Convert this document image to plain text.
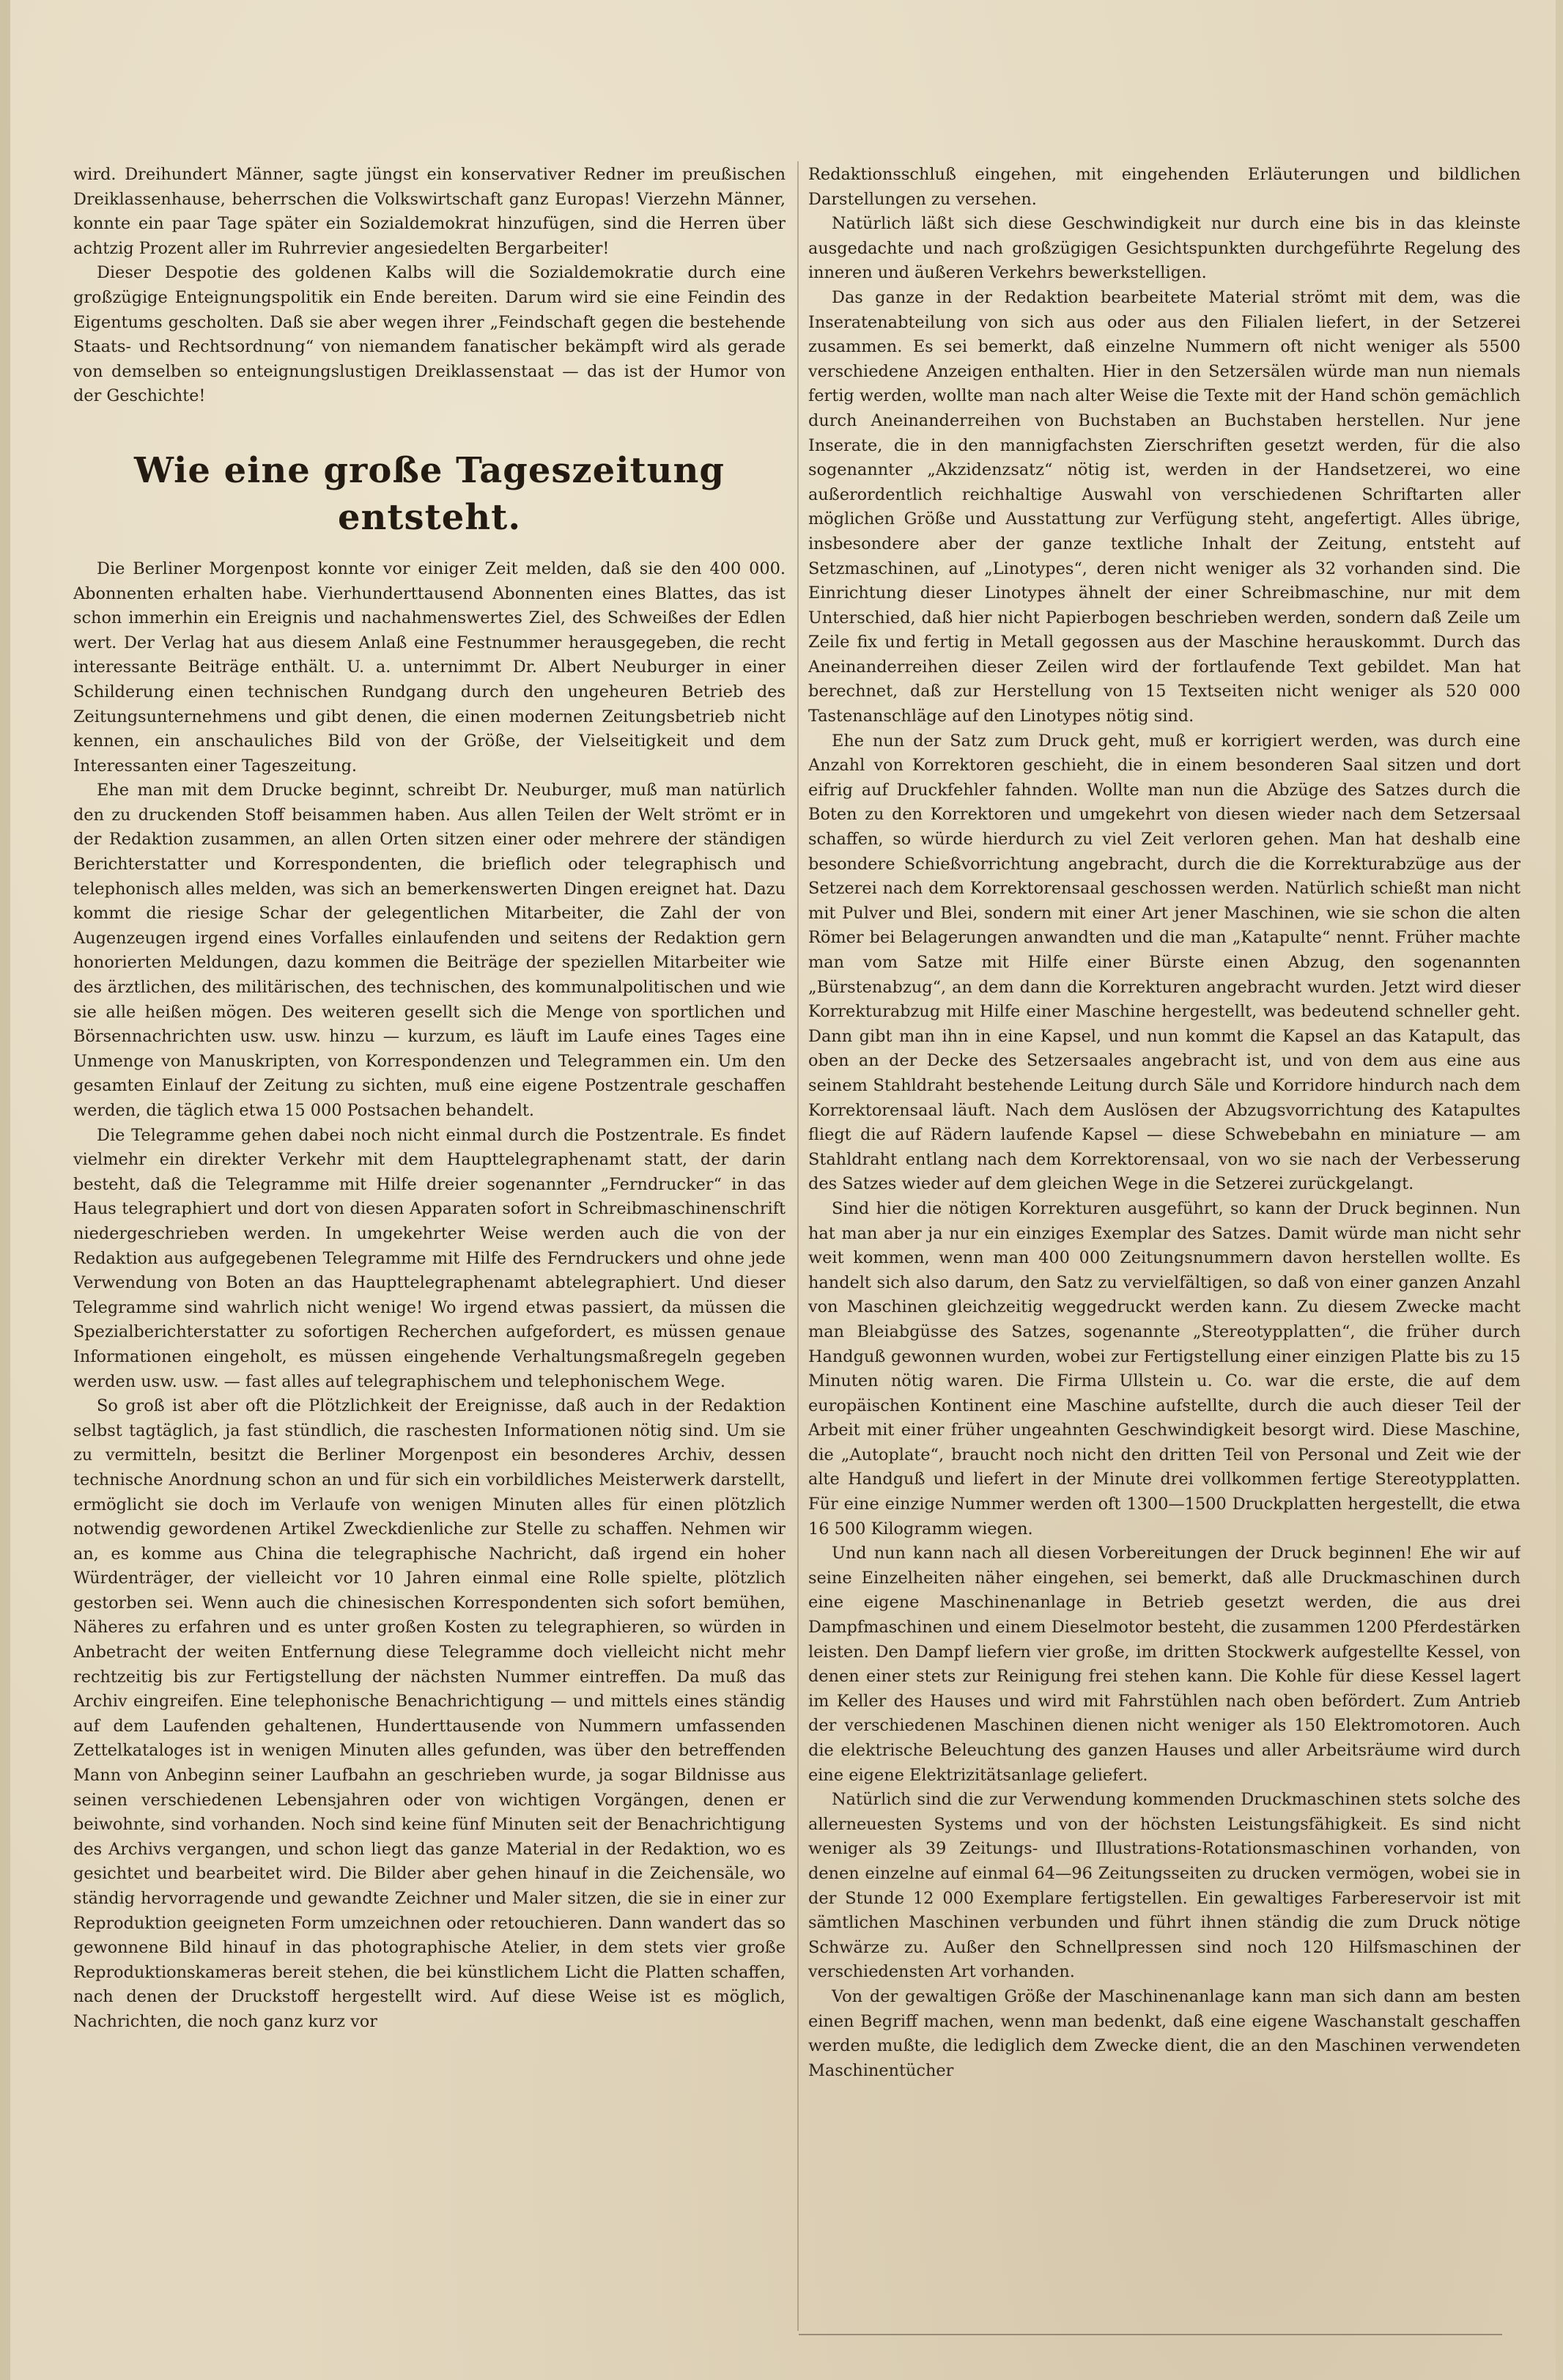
wird. Dreihundert Männer, sagte jüngst ein konservativer Redner im preußischen Dreiklassenhause, beherrschen die Volkswirtschaft ganz Europas! Vierzehn Männer, konnte ein paar Tage später ein Sozialdemokrat hinzufügen, sind die Herren über achtzig Prozent aller im Ruhrrevier angesiedelten Bergarbeiter!

Dieser Despotie des goldenen Kalbs will die Sozialdemokratie durch eine großzügige Enteignungspolitik ein Ende bereiten. Darum wird sie eine Feindin des Eigentums gescholten. Daß sie aber wegen ihrer „Feindschaft gegen die bestehende Staats- und Rechtsordnung“ von niemandem fanatischer bekämpft wird als gerade von demselben so enteignungslustigen Dreiklassenstaat — das ist der Humor von der Geschichte!

Wie eine große Tageszeitung entsteht.

Die Berliner Morgenpost konnte vor einiger Zeit melden, daß sie den 400 000. Abonnenten erhalten habe. Vierhunderttausend Abonnenten eines Blattes, das ist schon immerhin ein Ereignis und nachahmenswertes Ziel, des Schweißes der Edlen wert. Der Verlag hat aus diesem Anlaß eine Festnummer herausgegeben, die recht interessante Beiträge enthält. U. a. unternimmt Dr. Albert Neuburger in einer Schilderung einen technischen Rundgang durch den ungeheuren Betrieb des Zeitungsunternehmens und gibt denen, die einen modernen Zeitungsbetrieb nicht kennen, ein anschauliches Bild von der Größe, der Vielseitigkeit und dem Interessanten einer Tageszeitung.

Ehe man mit dem Drucke beginnt, schreibt Dr. Neuburger, muß man natürlich den zu druckenden Stoff beisammen haben. Aus allen Teilen der Welt strömt er in der Redaktion zusammen, an allen Orten sitzen einer oder mehrere der ständigen Berichterstatter und Korrespondenten, die brieflich oder telegraphisch und telephonisch alles melden, was sich an bemerkenswerten Dingen ereignet hat. Dazu kommt die riesige Schar der gelegentlichen Mitarbeiter, die Zahl der von Augenzeugen irgend eines Vorfalles einlaufenden und seitens der Redaktion gern honorierten Meldungen, dazu kommen die Beiträge der speziellen Mitarbeiter wie des ärztlichen, des militärischen, des technischen, des kommunalpolitischen und wie sie alle heißen mögen. Des weiteren gesellt sich die Menge von sportlichen und Börsennachrichten usw. usw. hinzu — kurzum, es läuft im Laufe eines Tages eine Unmenge von Manuskripten, von Korrespondenzen und Telegrammen ein. Um den gesamten Einlauf der Zeitung zu sichten, muß eine eigene Postzentrale geschaffen werden, die täglich etwa 15 000 Postsachen behandelt.

Die Telegramme gehen dabei noch nicht einmal durch die Postzentrale. Es findet vielmehr ein direkter Verkehr mit dem Haupttelegraphenamt statt, der darin besteht, daß die Telegramme mit Hilfe dreier sogenannter „Ferndrucker“ in das Haus telegraphiert und dort von diesen Apparaten sofort in Schreibmaschinenschrift niedergeschrieben werden. In umgekehrter Weise werden auch die von der Redaktion aus aufgegebenen Telegramme mit Hilfe des Ferndruckers und ohne jede Verwendung von Boten an das Haupttelegraphenamt abtelegraphiert. Und dieser Telegramme sind wahrlich nicht wenige! Wo irgend etwas passiert, da müssen die Spezialberichterstatter zu sofortigen Recherchen aufgefordert, es müssen genaue Informationen eingeholt, es müssen eingehende Verhaltungsmaßregeln gegeben werden usw. usw. — fast alles auf telegraphischem und telephonischem Wege.

So groß ist aber oft die Plötzlichkeit der Ereignisse, daß auch in der Redaktion selbst tagtäglich, ja fast stündlich, die raschesten Informationen nötig sind. Um sie zu vermitteln, besitzt die Berliner Morgenpost ein besonderes Archiv, dessen technische Anordnung schon an und für sich ein vorbildliches Meisterwerk darstellt, ermöglicht sie doch im Verlaufe von wenigen Minuten alles für einen plötzlich notwendig gewordenen Artikel Zweckdienliche zur Stelle zu schaffen. Nehmen wir an, es komme aus China die telegraphische Nachricht, daß irgend ein hoher Würdenträger, der vielleicht vor 10 Jahren einmal eine Rolle spielte, plötzlich gestorben sei. Wenn auch die chinesischen Korrespondenten sich sofort bemühen, Näheres zu erfahren und es unter großen Kosten zu telegraphieren, so würden in Anbetracht der weiten Entfernung diese Telegramme doch vielleicht nicht mehr rechtzeitig bis zur Fertigstellung der nächsten Nummer eintreffen. Da muß das Archiv eingreifen. Eine telephonische Benachrichtigung — und mittels eines ständig auf dem Laufenden gehaltenen, Hunderttausende von Nummern umfassenden Zettelkataloges ist in wenigen Minuten alles gefunden, was über den betreffenden Mann von Anbeginn seiner Laufbahn an geschrieben wurde, ja sogar Bildnisse aus seinen verschiedenen Lebensjahren oder von wichtigen Vorgängen, denen er beiwohnte, sind vorhanden. Noch sind keine fünf Minuten seit der Benachrichtigung des Archivs vergangen, und schon liegt das ganze Material in der Redaktion, wo es gesichtet und bearbeitet wird. Die Bilder aber gehen hinauf in die Zeichensäle, wo ständig hervorragende und gewandte Zeichner und Maler sitzen, die sie in einer zur Reproduktion geeigneten Form umzeichnen oder retouchieren. Dann wandert das so gewonnene Bild hinauf in das photographische Atelier, in dem stets vier große Reproduktionskameras bereit stehen, die bei künstlichem Licht die Platten schaffen, nach denen der Druckstoff hergestellt wird. Auf diese Weise ist es möglich, Nachrichten, die noch ganz kurz vor

Redaktionsschluß eingehen, mit eingehenden Erläuterungen und bildlichen Darstellungen zu versehen.

Natürlich läßt sich diese Geschwindigkeit nur durch eine bis in das kleinste ausgedachte und nach großzügigen Gesichtspunkten durchgeführte Regelung des inneren und äußeren Verkehrs bewerkstelligen.

Das ganze in der Redaktion bearbeitete Material strömt mit dem, was die Inseratenabteilung von sich aus oder aus den Filialen liefert, in der Setzerei zusammen. Es sei bemerkt, daß einzelne Nummern oft nicht weniger als 5500 verschiedene Anzeigen enthalten. Hier in den Setzersälen würde man nun niemals fertig werden, wollte man nach alter Weise die Texte mit der Hand schön gemächlich durch Aneinanderreihen von Buchstaben an Buchstaben herstellen. Nur jene Inserate, die in den mannigfachsten Zierschriften gesetzt werden, für die also sogenannter „Akzidenzsatz“ nötig ist, werden in der Handsetzerei, wo eine außerordentlich reichhaltige Auswahl von verschiedenen Schriftarten aller möglichen Größe und Ausstattung zur Verfügung steht, angefertigt. Alles übrige, insbesondere aber der ganze textliche Inhalt der Zeitung, entsteht auf Setzmaschinen, auf „Linotypes“, deren nicht weniger als 32 vorhanden sind. Die Einrichtung dieser Linotypes ähnelt der einer Schreibmaschine, nur mit dem Unterschied, daß hier nicht Papierbogen beschrieben werden, sondern daß Zeile um Zeile fix und fertig in Metall gegossen aus der Maschine herauskommt. Durch das Aneinanderreihen dieser Zeilen wird der fortlaufende Text gebildet. Man hat berechnet, daß zur Herstellung von 15 Textseiten nicht weniger als 520 000 Tastenanschläge auf den Linotypes nötig sind.

Ehe nun der Satz zum Druck geht, muß er korrigiert werden, was durch eine Anzahl von Korrektoren geschieht, die in einem besonderen Saal sitzen und dort eifrig auf Druckfehler fahnden. Wollte man nun die Abzüge des Satzes durch die Boten zu den Korrektoren und umgekehrt von diesen wieder nach dem Setzersaal schaffen, so würde hierdurch zu viel Zeit verloren gehen. Man hat deshalb eine besondere Schießvorrichtung angebracht, durch die die Korrekturabzüge aus der Setzerei nach dem Korrektorensaal geschossen werden. Natürlich schießt man nicht mit Pulver und Blei, sondern mit einer Art jener Maschinen, wie sie schon die alten Römer bei Belagerungen anwandten und die man „Katapulte“ nennt. Früher machte man vom Satze mit Hilfe einer Bürste einen Abzug, den sogenannten „Bürstenabzug“, an dem dann die Korrekturen angebracht wurden. Jetzt wird dieser Korrekturabzug mit Hilfe einer Maschine hergestellt, was bedeutend schneller geht. Dann gibt man ihn in eine Kapsel, und nun kommt die Kapsel an das Katapult, das oben an der Decke des Setzersaales angebracht ist, und von dem aus eine aus seinem Stahldraht bestehende Leitung durch Säle und Korridore hindurch nach dem Korrektorensaal läuft. Nach dem Auslösen der Abzugsvorrichtung des Katapultes fliegt die auf Rädern laufende Kapsel — diese Schwebebahn en miniature — am Stahldraht entlang nach dem Korrektorensaal, von wo sie nach der Verbesserung des Satzes wieder auf dem gleichen Wege in die Setzerei zurückgelangt.

Sind hier die nötigen Korrekturen ausgeführt, so kann der Druck beginnen. Nun hat man aber ja nur ein einziges Exemplar des Satzes. Damit würde man nicht sehr weit kommen, wenn man 400 000 Zeitungsnummern davon herstellen wollte. Es handelt sich also darum, den Satz zu vervielfältigen, so daß von einer ganzen Anzahl von Maschinen gleichzeitig weggedruckt werden kann. Zu diesem Zwecke macht man Bleiabgüsse des Satzes, sogenannte „Stereotypplatten“, die früher durch Handguß gewonnen wurden, wobei zur Fertigstellung einer einzigen Platte bis zu 15 Minuten nötig waren. Die Firma Ullstein u. Co. war die erste, die auf dem europäischen Kontinent eine Maschine aufstellte, durch die auch dieser Teil der Arbeit mit einer früher ungeahnten Geschwindigkeit besorgt wird. Diese Maschine, die „Autoplate“, braucht noch nicht den dritten Teil von Personal und Zeit wie der alte Handguß und liefert in der Minute drei vollkommen fertige Stereotypplatten. Für eine einzige Nummer werden oft 1300—1500 Druckplatten hergestellt, die etwa 16 500 Kilogramm wiegen.

Und nun kann nach all diesen Vorbereitungen der Druck beginnen! Ehe wir auf seine Einzelheiten näher eingehen, sei bemerkt, daß alle Druckmaschinen durch eine eigene Maschinenanlage in Betrieb gesetzt werden, die aus drei Dampfmaschinen und einem Dieselmotor besteht, die zusammen 1200 Pferdestärken leisten. Den Dampf liefern vier große, im dritten Stockwerk aufgestellte Kessel, von denen einer stets zur Reinigung frei stehen kann. Die Kohle für diese Kessel lagert im Keller des Hauses und wird mit Fahrstühlen nach oben befördert. Zum Antrieb der verschiedenen Maschinen dienen nicht weniger als 150 Elektromotoren. Auch die elektrische Beleuchtung des ganzen Hauses und aller Arbeitsräume wird durch eine eigene Elektrizitätsanlage geliefert.

Natürlich sind die zur Verwendung kommenden Druckmaschinen stets solche des allerneuesten Systems und von der höchsten Leistungsfähigkeit. Es sind nicht weniger als 39 Zeitungs- und Illustrations-Rotationsmaschinen vorhanden, von denen einzelne auf einmal 64—96 Zeitungsseiten zu drucken vermögen, wobei sie in der Stunde 12 000 Exemplare fertigstellen. Ein gewaltiges Farbereservoir ist mit sämtlichen Maschinen verbunden und führt ihnen ständig die zum Druck nötige Schwärze zu. Außer den Schnellpressen sind noch 120 Hilfsmaschinen der verschiedensten Art vorhanden.

Von der gewaltigen Größe der Maschinenanlage kann man sich dann am besten einen Begriff machen, wenn man bedenkt, daß eine eigene Waschanstalt geschaffen werden mußte, die lediglich dem Zwecke dient, die an den Maschinen verwendeten Maschinentücher
